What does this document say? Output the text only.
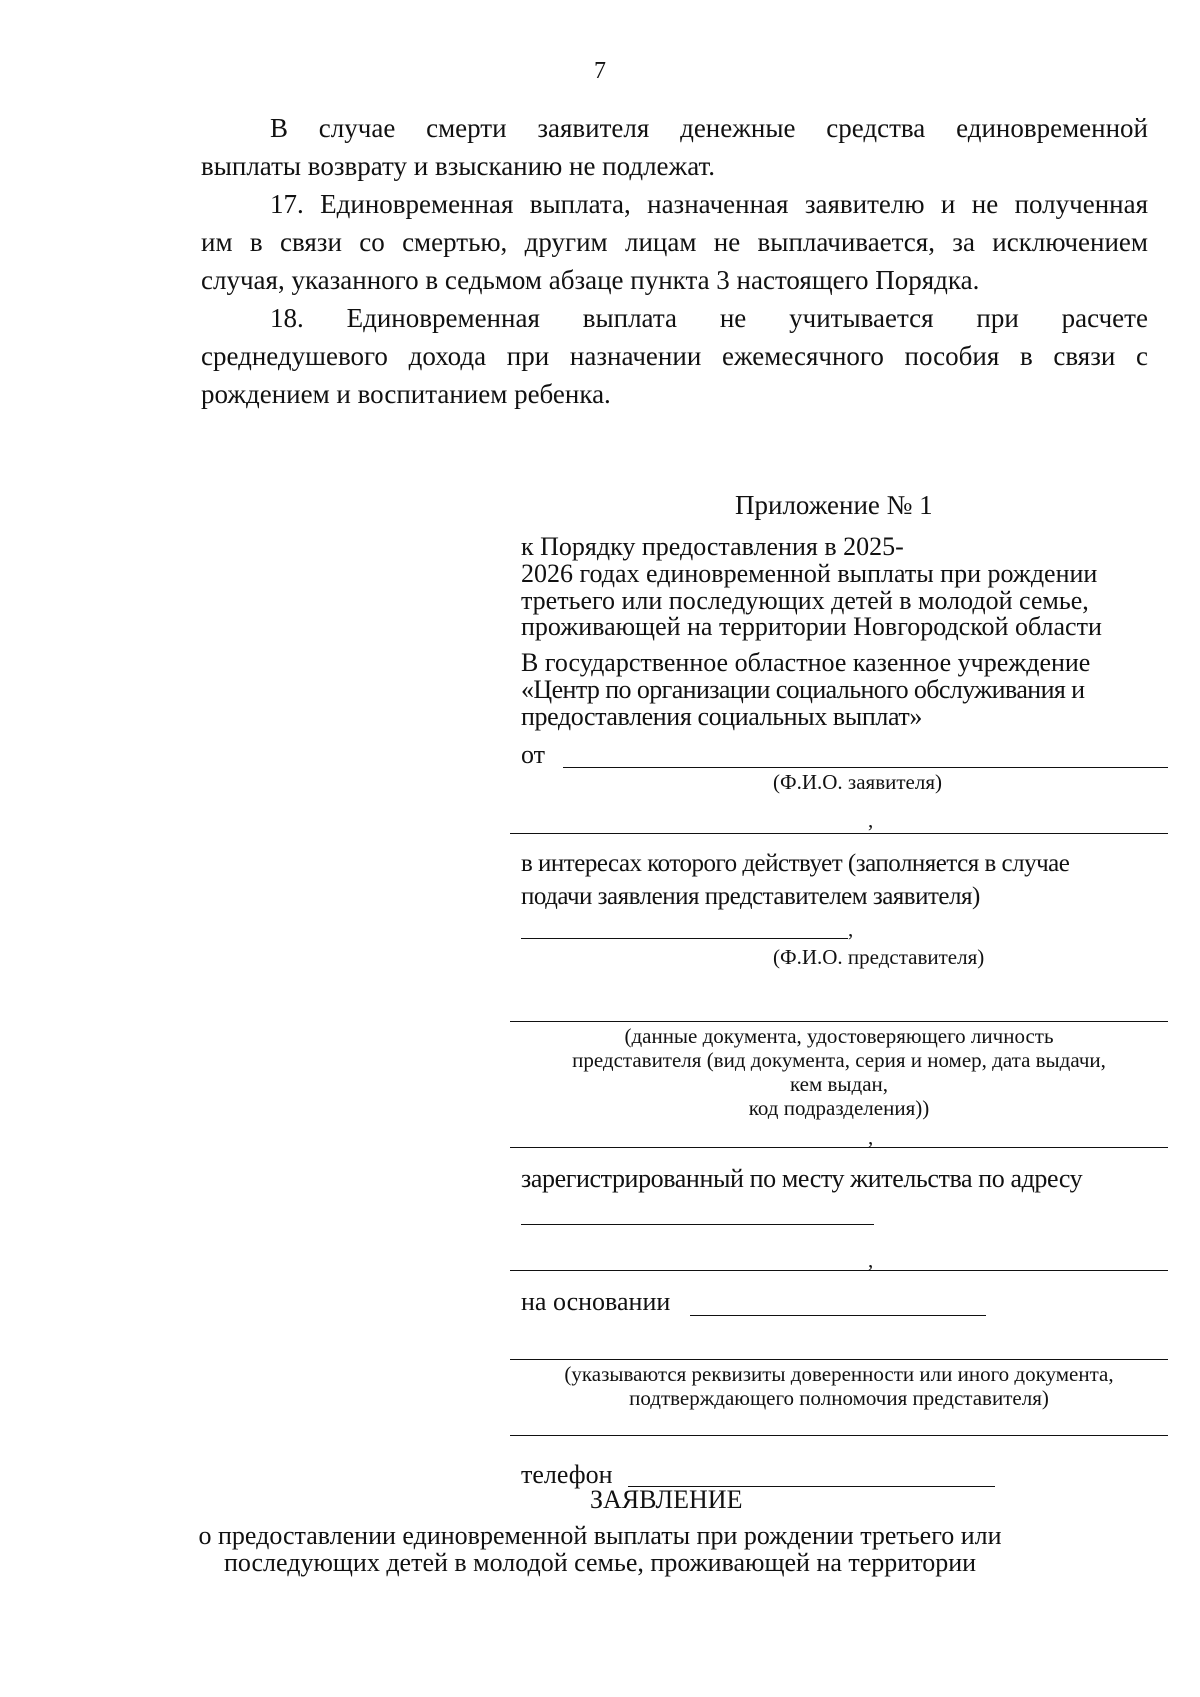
7
В случае смерти заявителя денежные средства единовременной
выплаты возврату и взысканию не подлежат.
17. Единовременная выплата, назначенная заявителю и не полученная
им в связи со смертью, другим лицам не выплачивается, за исключением
случая, указанного в седьмом абзаце пункта 3 настоящего Порядка.
18. Единовременная выплата не учитывается при расчете
среднедушевого дохода при назначении ежемесячного пособия в связи с
рождением и воспитанием ребенка.
Приложение № 1
к Порядку предоставления в 2025-
2026 годах единовременной выплаты при рождении
третьего или последующих детей в молодой семье,
проживающей на территории Новгородской области
В государственное областное казенное учреждение
«Центр по организации социального обслуживания и
предоставления социальных выплат»
от
(Ф.И.О. заявителя)
,
в интересах которого действует (заполняется в случае
подачи заявления представителем заявителя)
,
(Ф.И.О. представителя)
(данные документа, удостоверяющего личность
представителя (вид документа, серия и номер, дата выдачи,
кем выдан,
код подразделения))
,
зарегистрированный по месту жительства по адресу
,
на основании
(указываются реквизиты доверенности или иного документа,
подтверждающего полномочия представителя)
телефон
ЗАЯВЛЕНИЕ
о предоставлении единовременной выплаты при рождении третьего или
последующих детей в молодой семье, проживающей на территории
